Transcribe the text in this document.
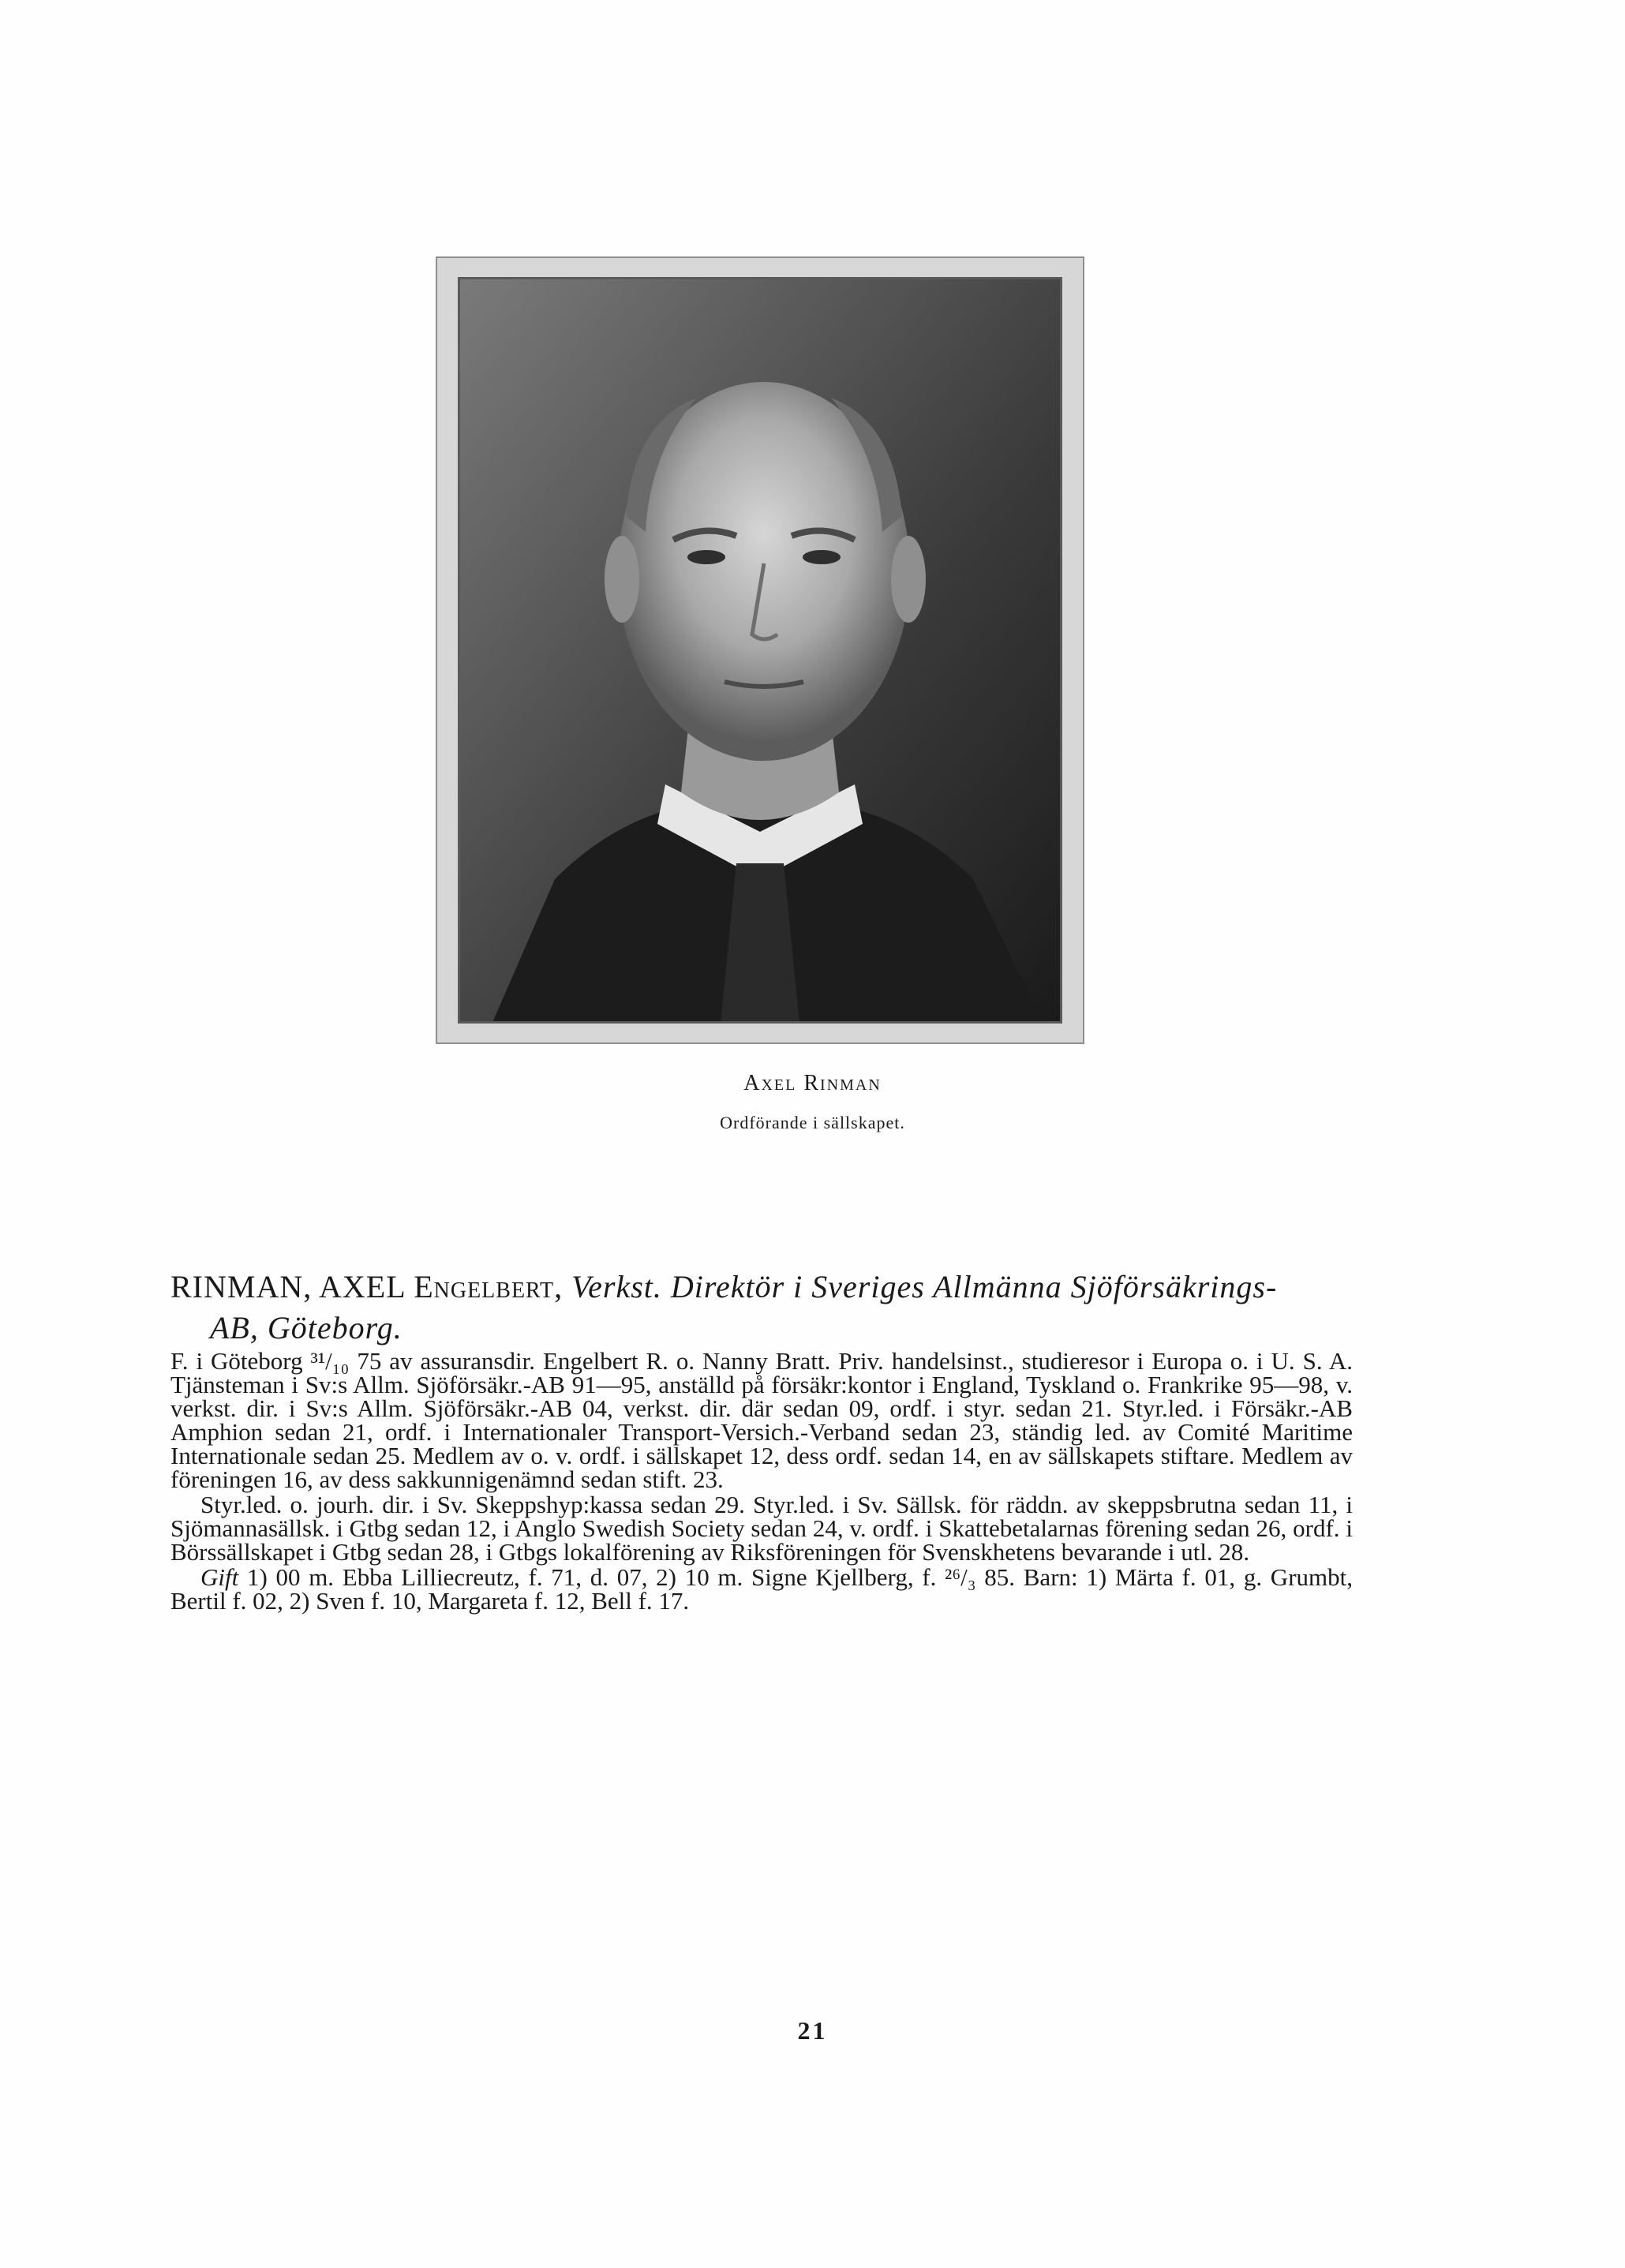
Axel Rinman
Ordförande i sällskapet.
RINMAN, AXEL Engelbert, Verkst. Direktör i Sveriges Allmänna Sjöförsäkrings-
AB, Göteborg.

F. i Göteborg ³¹/₁₀ 75 av assuransdir. Engelbert R. o. Nanny Bratt. Priv. handelsinst., studieresor i Europa o. i U. S. A. Tjänsteman i Sv:s Allm. Sjöförsäkr.-AB 91—95, anställd på försäkr:kontor i England, Tyskland o. Frankrike 95—98, v. verkst. dir. i Sv:s Allm. Sjöförsäkr.-AB 04, verkst. dir. där sedan 09, ordf. i styr. sedan 21. Styr.led. i Försäkr.-AB Amphion sedan 21, ordf. i Internationaler Transport-Versich.-Verband sedan 23, ständig led. av Comité Maritime Internationale sedan 25. Medlem av o. v. ordf. i sällskapet 12, dess ordf. sedan 14, en av sällskapets stiftare. Medlem av föreningen 16, av dess sakkunnigenämnd sedan stift. 23.

Styr.led. o. jourh. dir. i Sv. Skeppshyp:kassa sedan 29. Styr.led. i Sv. Sällsk. för räddn. av skeppsbrutna sedan 11, i Sjömannasällsk. i Gtbg sedan 12, i Anglo Swedish Society sedan 24, v. ordf. i Skattebetalarnas förening sedan 26, ordf. i Börssällskapet i Gtbg sedan 28, i Gtbgs lokalförening av Riksföreningen för Svenskhetens bevarande i utl. 28.

Gift 1) 00 m. Ebba Lilliecreutz, f. 71, d. 07, 2) 10 m. Signe Kjellberg, f. ²⁶/₃ 85. Barn: 1) Märta f. 01, g. Grumbt, Bertil f. 02, 2) Sven f. 10, Margareta f. 12, Bell f. 17.

21
